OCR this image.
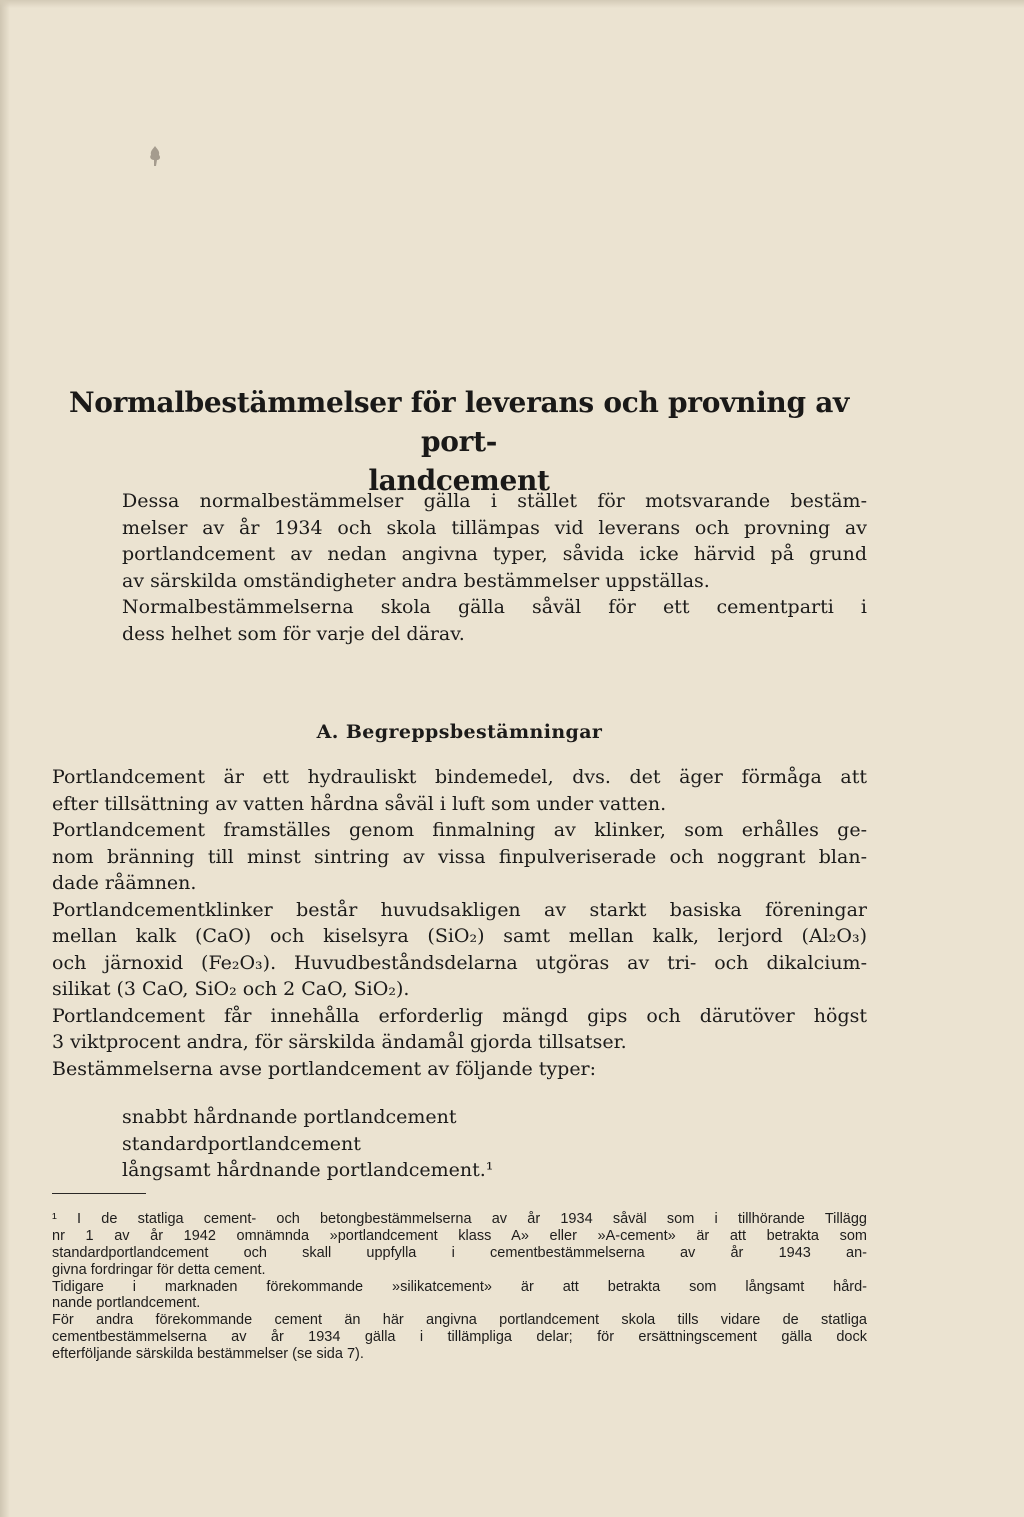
Normalbestämmelser för leverans och provning av port-
landcement
Dessa normalbestämmelser gälla i stället för motsvarande bestäm-
melser av år 1934 och skola tillämpas vid leverans och provning av
portlandcement av nedan angivna typer, såvida icke härvid på grund
av särskilda omständigheter andra bestämmelser uppställas.
Normalbestämmelserna skola gälla såväl för ett cementparti i
dess helhet som för varje del därav.
A. Begreppsbestämningar
Portlandcement är ett hydrauliskt bindemedel, dvs. det äger förmåga att
efter tillsättning av vatten hårdna såväl i luft som under vatten.
Portlandcement framställes genom finmalning av klinker, som erhålles ge-
nom bränning till minst sintring av vissa finpulveriserade och noggrant blan-
dade råämnen.
Portlandcementklinker består huvudsakligen av starkt basiska föreningar
mellan kalk (CaO) och kiselsyra (SiO₂) samt mellan kalk, lerjord (Al₂O₃)
och järnoxid (Fe₂O₃). Huvudbeståndsdelarna utgöras av tri- och dikalcium-
silikat (3 CaO, SiO₂ och 2 CaO, SiO₂).
Portlandcement får innehålla erforderlig mängd gips och därutöver högst
3 viktprocent andra, för särskilda ändamål gjorda tillsatser.
Bestämmelserna avse portlandcement av följande typer:
snabbt hårdnande portlandcement
standardportlandcement
långsamt hårdnande portlandcement.¹
¹ I de statliga cement- och betongbestämmelserna av år 1934 såväl som i tillhörande Tillägg
nr 1 av år 1942 omnämnda »portlandcement klass A» eller »A-cement» är att betrakta som
standardportlandcement och skall uppfylla i cementbestämmelserna av år 1943 an-
givna fordringar för detta cement.
Tidigare i marknaden förekommande »silikatcement» är att betrakta som långsamt hård-
nande portlandcement.
För andra förekommande cement än här angivna portlandcement skola tills vidare de statliga
cementbestämmelserna av år 1934 gälla i tillämpliga delar; för ersättningscement gälla dock
efterföljande särskilda bestämmelser (se sida 7).
